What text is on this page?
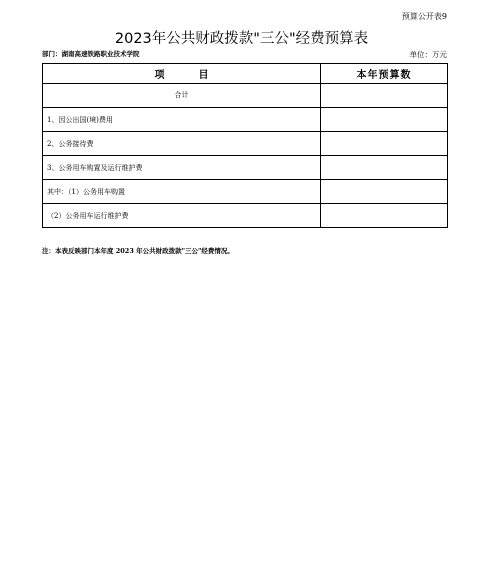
预算公开表9
2023年公共财政拨款"三公"经费预算表
部门：湖南高速铁路职业技术学院	单位：万元
项 目	本年预算数
合计	
1、因公出国(境)费用	
2、公务接待费	
3、公务用车购置及运行维护费	
其中：（1）公务用车购置	
（2）公务用车运行维护费	
注：本表反映部门本年度 2023 年公共财政拨款"三公"经费情况。
